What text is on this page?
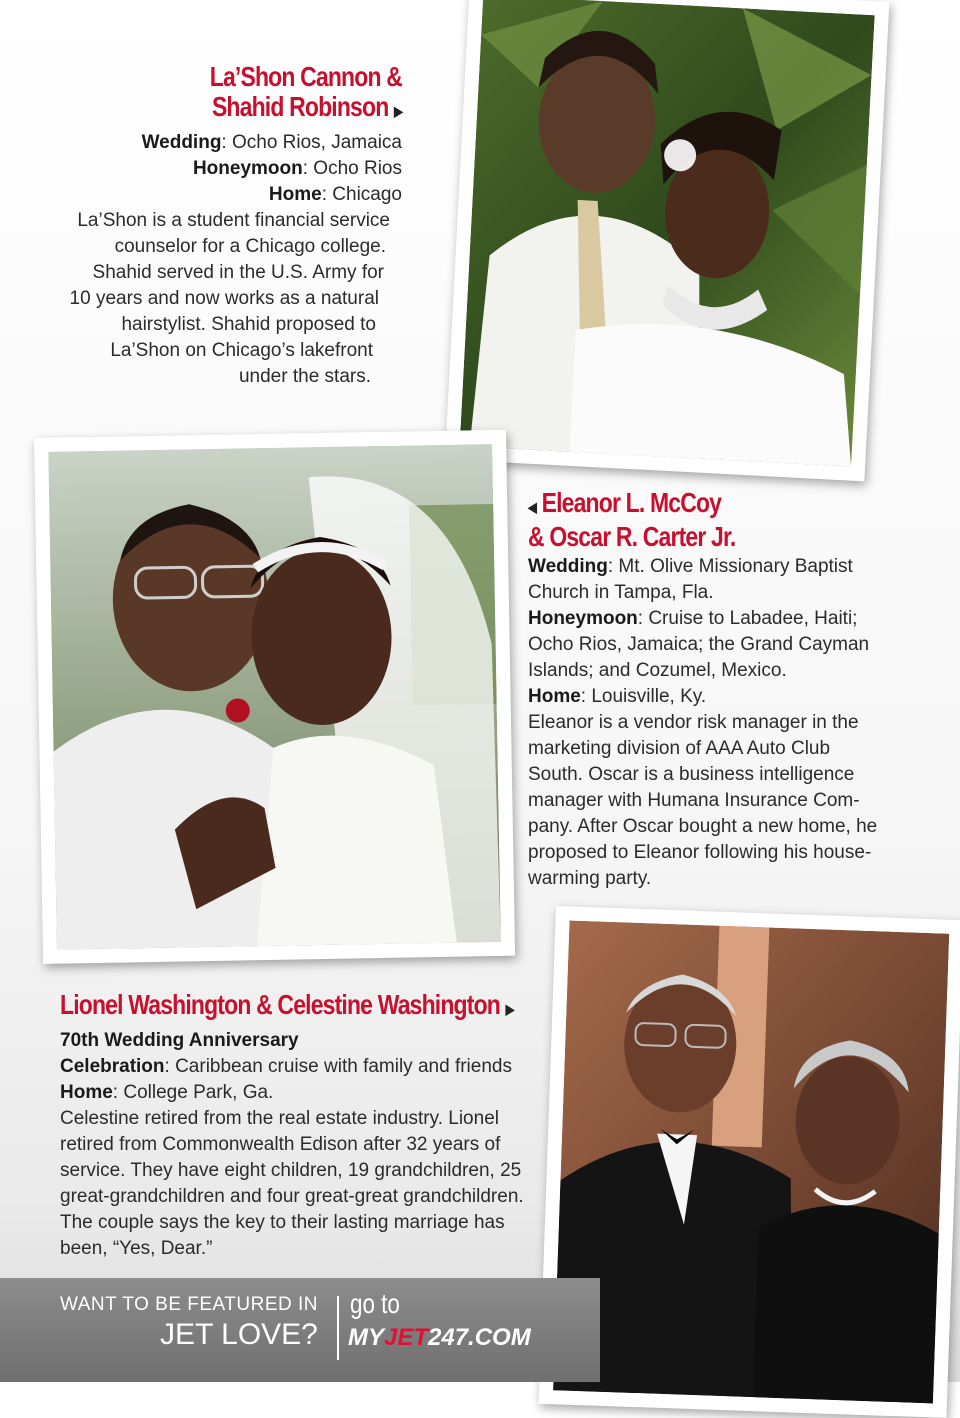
La’Shon Cannon &
Shahid Robinson ▶
Wedding: Ocho Rios, Jamaica
Honeymoon: Ocho Rios
Home: Chicago
La’Shon is a student financial service
counselor for a Chicago college.
Shahid served in the U.S. Army for
10 years and now works as a natural
hairstylist. Shahid proposed to
La’Shon on Chicago’s lakefront
under the stars.
◀ Eleanor L. McCoy
& Oscar R. Carter Jr.
Wedding: Mt. Olive Missionary Baptist
Church in Tampa, Fla.
Honeymoon: Cruise to Labadee, Haiti;
Ocho Rios, Jamaica; the Grand Cayman
Islands; and Cozumel, Mexico.
Home: Louisville, Ky.
Eleanor is a vendor risk manager in the
marketing division of AAA Auto Club
South. Oscar is a business intelligence
manager with Humana Insurance Com-
pany. After Oscar bought a new home, he
proposed to Eleanor following his house-
warming party.
Lionel Washington & Celestine Washington ▶
70th Wedding Anniversary
Celebration: Caribbean cruise with family and friends
Home: College Park, Ga.
Celestine retired from the real estate industry. Lionel
retired from Commonwealth Edison after 32 years of
service. They have eight children, 19 grandchildren, 25
great-grandchildren and four great-great grandchildren.
The couple says the key to their lasting marriage has
been, “Yes, Dear.”
WANT TO BE FEATURED IN
JET LOVE?
go to
MYJET247.COM
